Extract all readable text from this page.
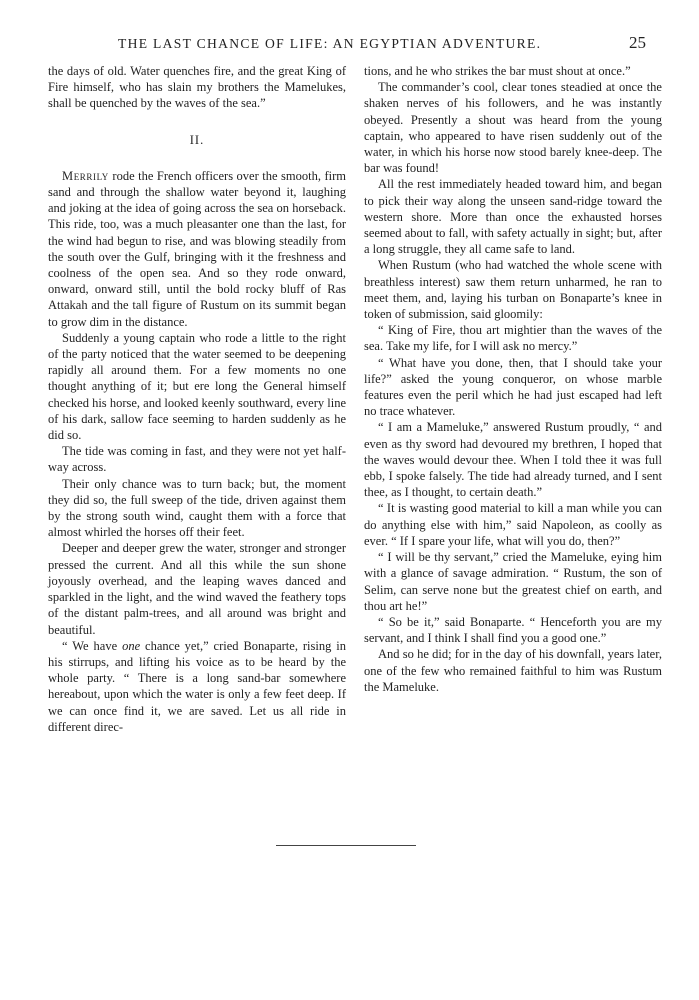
THE LAST CHANCE OF LIFE: AN EGYPTIAN ADVENTURE.	25

the days of old. Water quenches fire, and the great King of Fire himself, who has slain my brothers the Mamelukes, shall be quenched by the waves of the sea.”

II.

Merrily rode the French officers over the smooth, firm sand and through the shallow water beyond it, laughing and joking at the idea of going across the sea on horseback. This ride, too, was a much pleasanter one than the last, for the wind had begun to rise, and was blowing steadily from the south over the Gulf, bringing with it the freshness and coolness of the open sea. And so they rode onward, onward, onward still, until the bold rocky bluff of Ras Attakah and the tall figure of Rustum on its summit began to grow dim in the distance.

Suddenly a young captain who rode a little to the right of the party noticed that the water seemed to be deepening rapidly all around them. For a few moments no one thought anything of it; but ere long the General himself checked his horse, and looked keenly southward, every line of his dark, sallow face seeming to harden suddenly as he did so.

The tide was coming in fast, and they were not yet half-way across.

Their only chance was to turn back; but, the moment they did so, the full sweep of the tide, driven against them by the strong south wind, caught them with a force that almost whirled the horses off their feet.

Deeper and deeper grew the water, stronger and stronger pressed the current. And all this while the sun shone joyously overhead, and the leaping waves danced and sparkled in the light, and the wind waved the feathery tops of the distant palm-trees, and all around was bright and beautiful.

“ We have one chance yet,” cried Bonaparte, rising in his stirrups, and lifting his voice as to be heard by the whole party. “ There is a long sand-bar somewhere hereabout, upon which the water is only a few feet deep. If we can once find it, we are saved. Let us all ride in different direc-

tions, and he who strikes the bar must shout at once.”

The commander’s cool, clear tones steadied at once the shaken nerves of his followers, and he was instantly obeyed. Presently a shout was heard from the young captain, who appeared to have risen suddenly out of the water, in which his horse now stood barely knee-deep. The bar was found!

All the rest immediately headed toward him, and began to pick their way along the unseen sand-ridge toward the western shore. More than once the exhausted horses seemed about to fall, with safety actually in sight; but, after a long struggle, they all came safe to land.

When Rustum (who had watched the whole scene with breathless interest) saw them return unharmed, he ran to meet them, and, laying his turban on Bonaparte’s knee in token of submission, said gloomily:

“ King of Fire, thou art mightier than the waves of the sea. Take my life, for I will ask no mercy.”

“ What have you done, then, that I should take your life?” asked the young conqueror, on whose marble features even the peril which he had just escaped had left no trace whatever.

“ I am a Mameluke,” answered Rustum proudly, “ and even as thy sword had devoured my brethren, I hoped that the waves would devour thee. When I told thee it was full ebb, I spoke falsely. The tide had already turned, and I sent thee, as I thought, to certain death.”

“ It is wasting good material to kill a man while you can do anything else with him,” said Napoleon, as coolly as ever. “ If I spare your life, what will you do, then?”

“ I will be thy servant,” cried the Mameluke, eying him with a glance of savage admiration. “ Rustum, the son of Selim, can serve none but the greatest chief on earth, and thou art he!”

“ So be it,” said Bonaparte. “ Henceforth you are my servant, and I think I shall find you a good one.”

And so he did; for in the day of his downfall, years later, one of the few who remained faithful to him was Rustum the Mameluke.
